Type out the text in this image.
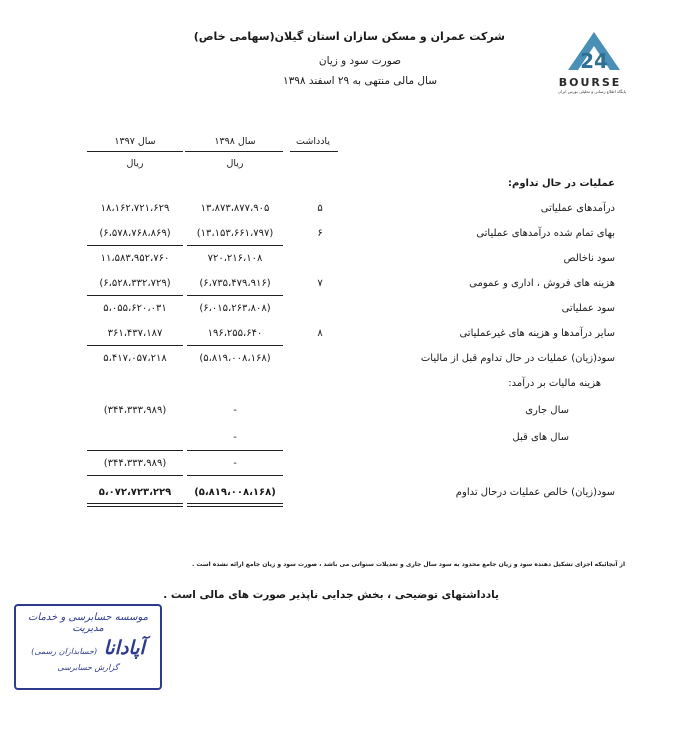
شرکت عمران و مسکن سازان استان گیلان(سهامی خاص)
صورت سود و زیان
سال مالی منتهی به ۲۹ اسفند ۱۳۹۸
24
BOURSE
پایگاه اطلاع رسانی و تحلیلی بورس ایران
یادداشت
سال ۱۳۹۸
ریال
سال ۱۳۹۷
ریال
عملیات در حال تداوم:
درآمدهای عملیاتی
۵
۱۳،۸۷۳،۸۷۷،۹۰۵
۱۸،۱۶۲،۷۲۱،۶۲۹
بهای تمام شده درآمدهای عملیاتی
۶
(۱۳،۱۵۳،۶۶۱،۷۹۷)
(۶،۵۷۸،۷۶۸،۸۶۹)
سود ناخالص
۷۲۰،۲۱۶،۱۰۸
۱۱،۵۸۳،۹۵۲،۷۶۰
هزینه های فروش ، اداری و عمومی
۷
(۶،۷۳۵،۴۷۹،۹۱۶)
(۶،۵۲۸،۳۳۲،۷۲۹)
سود عملیاتی
(۶،۰۱۵،۲۶۳،۸۰۸)
۵،۰۵۵،۶۲۰،۰۳۱
سایر درآمدها و هزینه های غیرعملیاتی
۸
۱۹۶،۲۵۵،۶۴۰
۳۶۱،۴۳۷،۱۸۷
سود(زیان) عملیات در حال تداوم قبل از مالیات
(۵،۸۱۹،۰۰۸،۱۶۸)
۵،۴۱۷،۰۵۷،۲۱۸
هزینه مالیات بر درآمد:
سال جاری
-
(۳۴۴،۳۳۳،۹۸۹)
سال های قبل
-
-
(۳۴۴،۳۳۳،۹۸۹)
سود(زیان) خالص عملیات درحال تداوم
(۵،۸۱۹،۰۰۸،۱۶۸)
۵،۰۷۲،۷۲۳،۲۲۹
از آنجائیکه اجزای تشکیل دهنده سود و زیان جامع محدود به سود سال جاری و تعدیلات سنواتی می باشد ، صورت سود و زیان جامع ارائه نشده است .
یادداشتهای توضیحی ، بخش جدایی ناپذیر صورت های مالی است .
موسسه حسابرسی و خدمات مدیریت
آپادانا (حسابداران رسمی)
گزارش حسابرسی
